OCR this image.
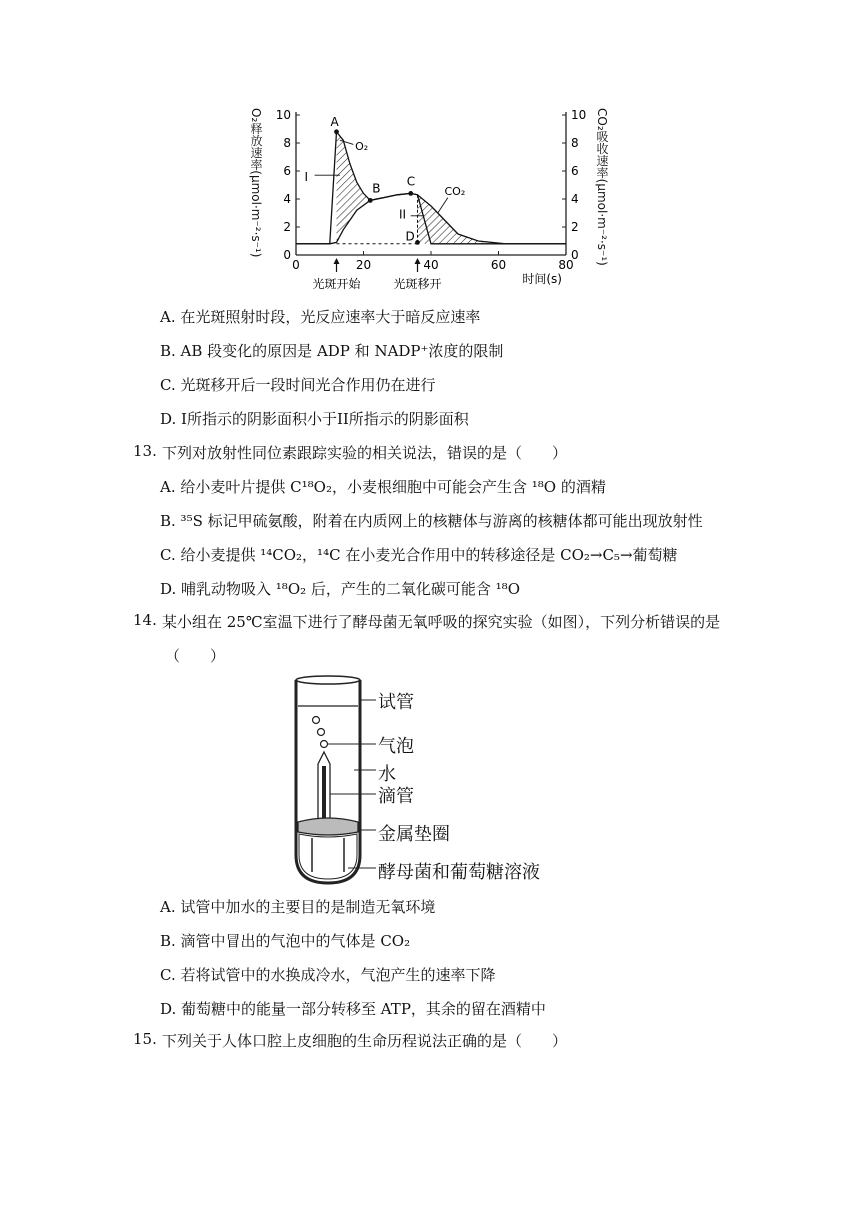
0	0
2	2
4	4
6	6
8	8
10	10
0	20	40	60	80
时间(s)
A
B C
D
O₂
CO₂
I
II
光斑开始	光斑移开
O₂释放速率(μmol·m⁻²·s⁻¹)	CO₂吸收速率(μmol·m⁻²·s⁻¹)
A. 在光斑照射时段，光反应速率大于暗反应速率
B. AB 段变化的原因是 ADP 和 NADP⁺浓度的限制
C. 光斑移开后一段时间光合作用仍在进行
D. I所指示的阴影面积小于II所指示的阴影面积
13. 下列对放射性同位素跟踪实验的相关说法，错误的是（　　）
A. 给小麦叶片提供 C¹⁸O₂，小麦根细胞中可能会产生含 ¹⁸O 的酒精
B. ³⁵S 标记甲硫氨酸，附着在内质网上的核糖体与游离的核糖体都可能出现放射性
C. 给小麦提供 ¹⁴CO₂，¹⁴C 在小麦光合作用中的转移途径是 CO₂→C₅→葡萄糖
D. 哺乳动物吸入 ¹⁸O₂ 后，产生的二氧化碳可能含 ¹⁸O
14. 某小组在 25℃室温下进行了酵母菌无氧呼吸的探究实验（如图），下列分析错误的是
（　　）
试管
气泡
水
滴管
金属垫圈
酵母菌和葡萄糖溶液
A. 试管中加水的主要目的是制造无氧环境
B. 滴管中冒出的气泡中的气体是 CO₂
C. 若将试管中的水换成冷水，气泡产生的速率下降
D. 葡萄糖中的能量一部分转移至 ATP，其余的留在酒精中
15. 下列关于人体口腔上皮细胞的生命历程说法正确的是（　　）
